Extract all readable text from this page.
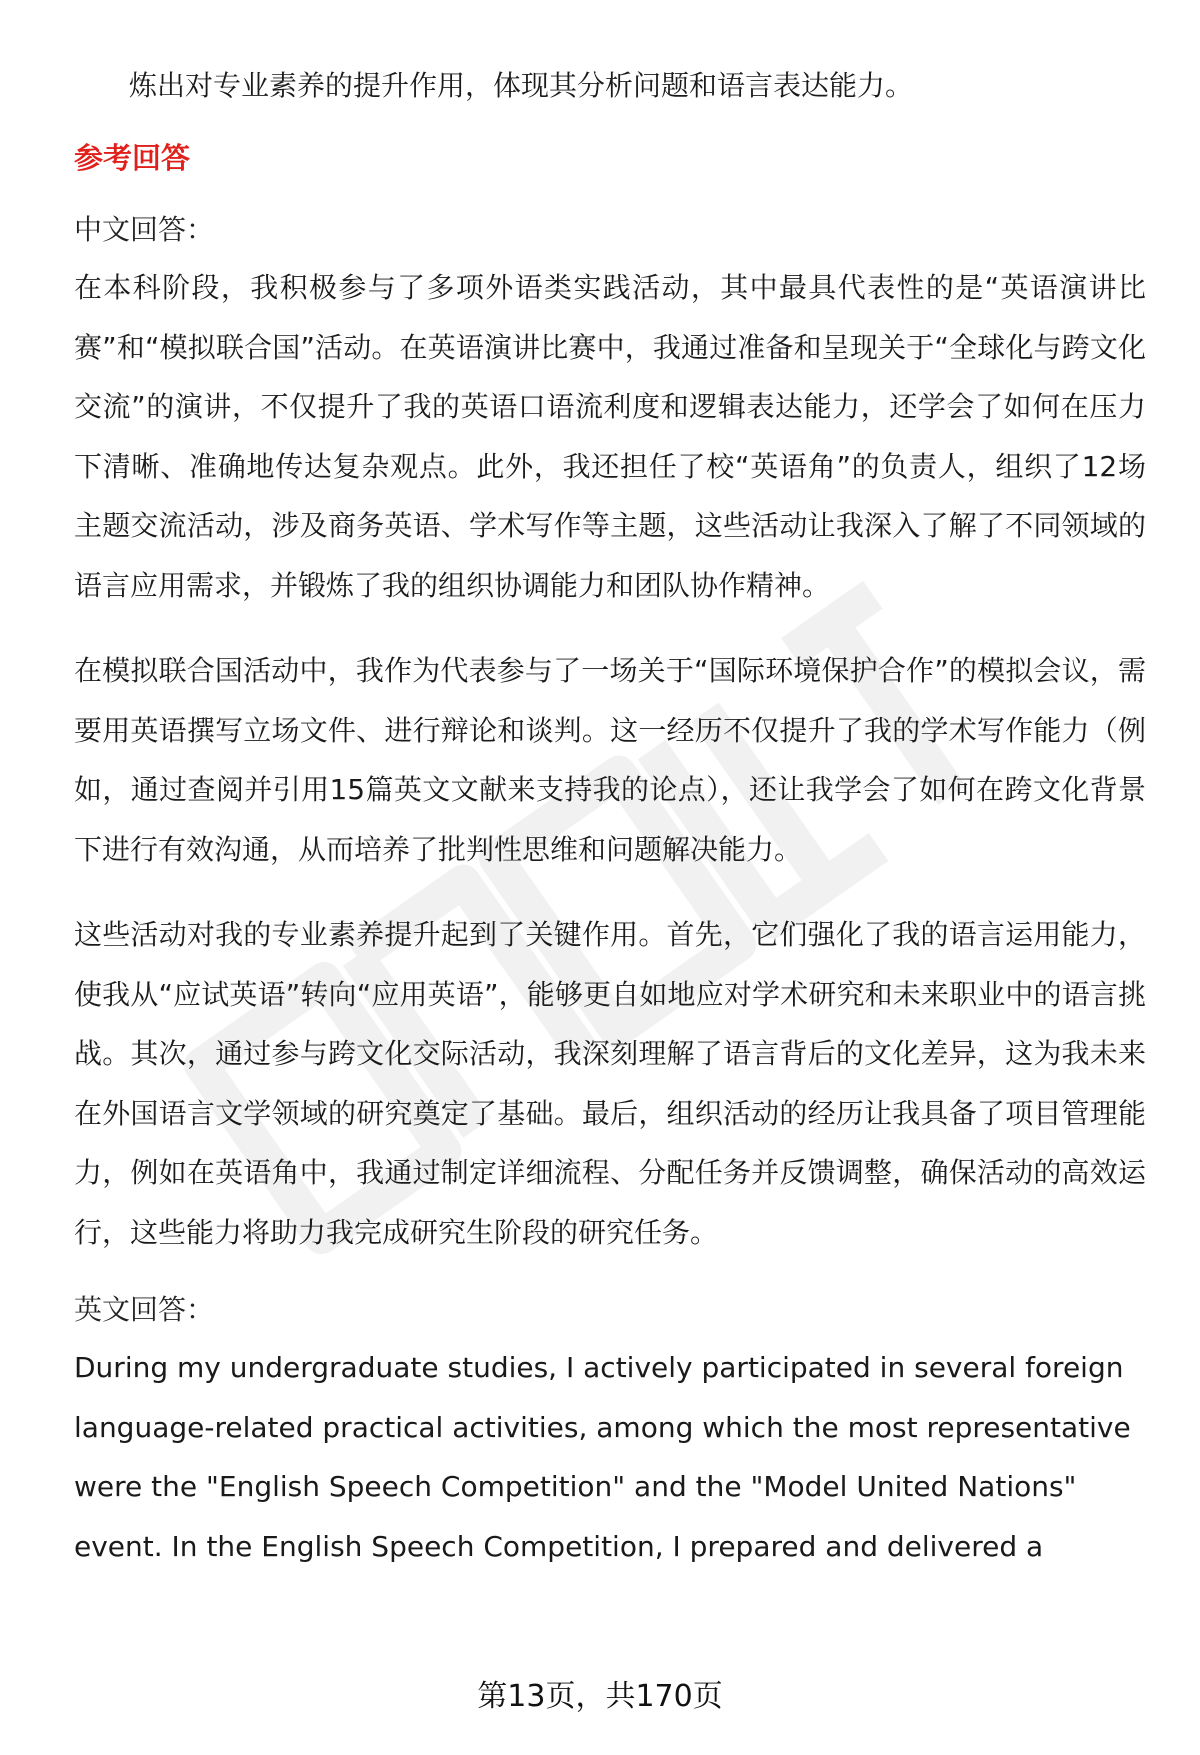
炼出对专业素养的提升作用，体现其分析问题和语言表达能力。

参考回答

中文回答：

在本科阶段，我积极参与了多项外语类实践活动，其中最具代表性的是“英语演讲比赛”和“模拟联合国”活动。在英语演讲比赛中，我通过准备和呈现关于“全球化与跨文化交流”的演讲，不仅提升了我的英语口语流利度和逻辑表达能力，还学会了如何在压力下清晰、准确地传达复杂观点。此外，我还担任了校“英语角”的负责人，组织了12场主题交流活动，涉及商务英语、学术写作等主题，这些活动让我深入了解了不同领域的语言应用需求，并锻炼了我的组织协调能力和团队协作精神。

在模拟联合国活动中，我作为代表参与了一场关于“国际环境保护合作”的模拟会议，需要用英语撰写立场文件、进行辩论和谈判。这一经历不仅提升了我的学术写作能力（例如，通过查阅并引用15篇英文文献来支持我的论点），还让我学会了如何在跨文化背景下进行有效沟通，从而培养了批判性思维和问题解决能力。

这些活动对我的专业素养提升起到了关键作用。首先，它们强化了我的语言运用能力，使我从“应试英语”转向“应用英语”，能够更自如地应对学术研究和未来职业中的语言挑战。其次，通过参与跨文化交际活动，我深刻理解了语言背后的文化差异，这为我未来在外国语言文学领域的研究奠定了基础。最后，组织活动的经历让我具备了项目管理能力，例如在英语角中，我通过制定详细流程、分配任务并反馈调整，确保活动的高效运行，这些能力将助力我完成研究生阶段的研究任务。

英文回答：

During my undergraduate studies, I actively participated in several foreign language-related practical activities, among which the most representative were the "English Speech Competition" and the "Model United Nations" event. In the English Speech Competition, I prepared and delivered a

第13页，共170页
